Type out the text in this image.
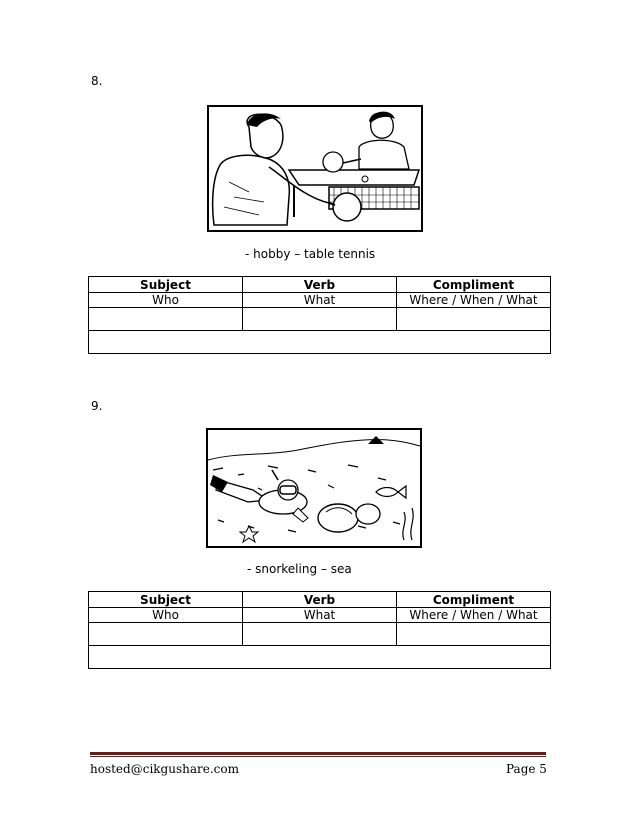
8.
- hobby – table tennis
Subject	Verb	Compliment
Who	What	Where / When / What

9.
- snorkeling – sea
Subject	Verb	Compliment
Who	What	Where / When / What

hosted@cikgushare.com	Page 5
